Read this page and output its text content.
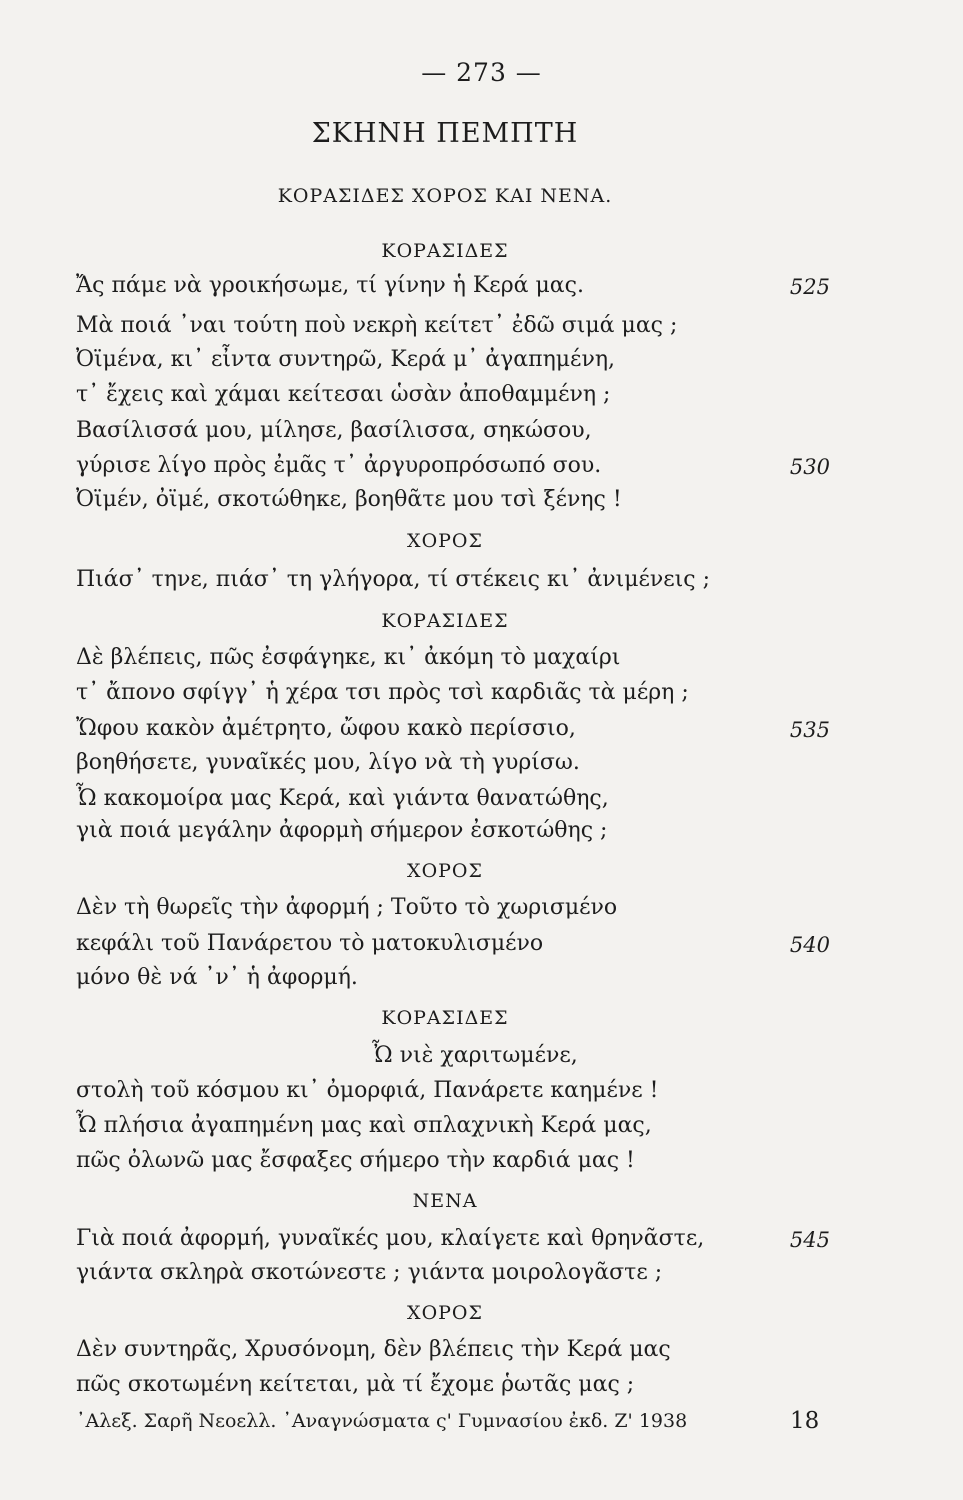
— 273 —
ΣΚΗΝΗ ΠΕΜΠΤΗ
ΚΟΡΑΣΙΔΕΣ ΧΟΡΟΣ ΚΑΙ ΝΕΝΑ.
ΚΟΡΑΣΙΔΕΣ
Ἄς πάμε νὰ γροικήσωμε, τί γίνην ἡ Κερά μας.	525
Μὰ ποιά ᾿ναι τούτη ποὺ νεκρὴ κείτετ᾿ ἐδῶ σιμά μας ;
Ὀϊμένα, κι᾿ εἶντα συντηρῶ, Κερά μ᾿ ἀγαπημένη,
τ᾿ ἔχεις καὶ χάμαι κείτεσαι ὡσὰν ἀποθαμμένη ;
Βασίλισσά μου, μίλησε, βασίλισσα, σηκώσου,
γύρισε λίγο πρὸς ἐμᾶς τ᾿ ἀργυροπρόσωπό σου.	530
Ὀϊμέν, ὀϊμέ, σκοτώθηκε, βοηθᾶτε μου τσὶ ξένης !
ΧΟΡΟΣ
Πιάσ᾿ τηνε, πιάσ᾿ τη γλήγορα, τί στέκεις κι᾿ ἀνιμένεις ;
ΚΟΡΑΣΙΔΕΣ
Δὲ βλέπεις, πῶς ἐσφάγηκε, κι᾿ ἀκόμη τὸ μαχαίρι
τ᾿ ἄπονο σφίγγ᾿ ἡ χέρα τσι πρὸς τσὶ καρδιᾶς τὰ μέρη ;
Ὤφου κακὸν ἀμέτρητο, ὤφου κακὸ περίσσιο,	535
βοηθήσετε, γυναῖκές μου, λίγο νὰ τὴ γυρίσω.
Ὦ κακομοίρα μας Κερά, καὶ γιάντα θανατώθης,
γιὰ ποιά μεγάλην ἀφορμὴ σήμερον ἐσκοτώθης ;
ΧΟΡΟΣ
Δὲν τὴ θωρεῖς τὴν ἀφορμή ; Τοῦτο τὸ χωρισμένο
κεφάλι τοῦ Πανάρετου τὸ ματοκυλισμένο	540
μόνο θὲ νά ᾿ν᾿ ἡ ἀφορμή.
ΚΟΡΑΣΙΔΕΣ
Ὦ νιὲ χαριτωμένε,
στολὴ τοῦ κόσμου κι᾿ ὀμορφιά, Πανάρετε καημένε !
Ὦ πλήσια ἀγαπημένη μας καὶ σπλαχνικὴ Κερά μας,
πῶς ὀλωνῶ μας ἔσφαξες σήμερο τὴν καρδιά μας !
ΝΕΝΑ
Γιὰ ποιά ἀφορμή, γυναῖκές μου, κλαίγετε καὶ θρηνᾶστε,	545
γιάντα σκληρὰ σκοτώνεστε ; γιάντα μοιρολογᾶστε ;
ΧΟΡΟΣ
Δὲν συντηρᾶς, Χρυσόνομη, δὲν βλέπεις τὴν Κερά μας
πῶς σκοτωμένη κείτεται, μὰ τί ἔχομε ῥωτᾶς μας ;
᾿Αλεξ. Σαρῆ Νεοελλ. ᾿Αναγνώσματα ς' Γυμνασίου ἐκδ. Ζ' 1938	18
